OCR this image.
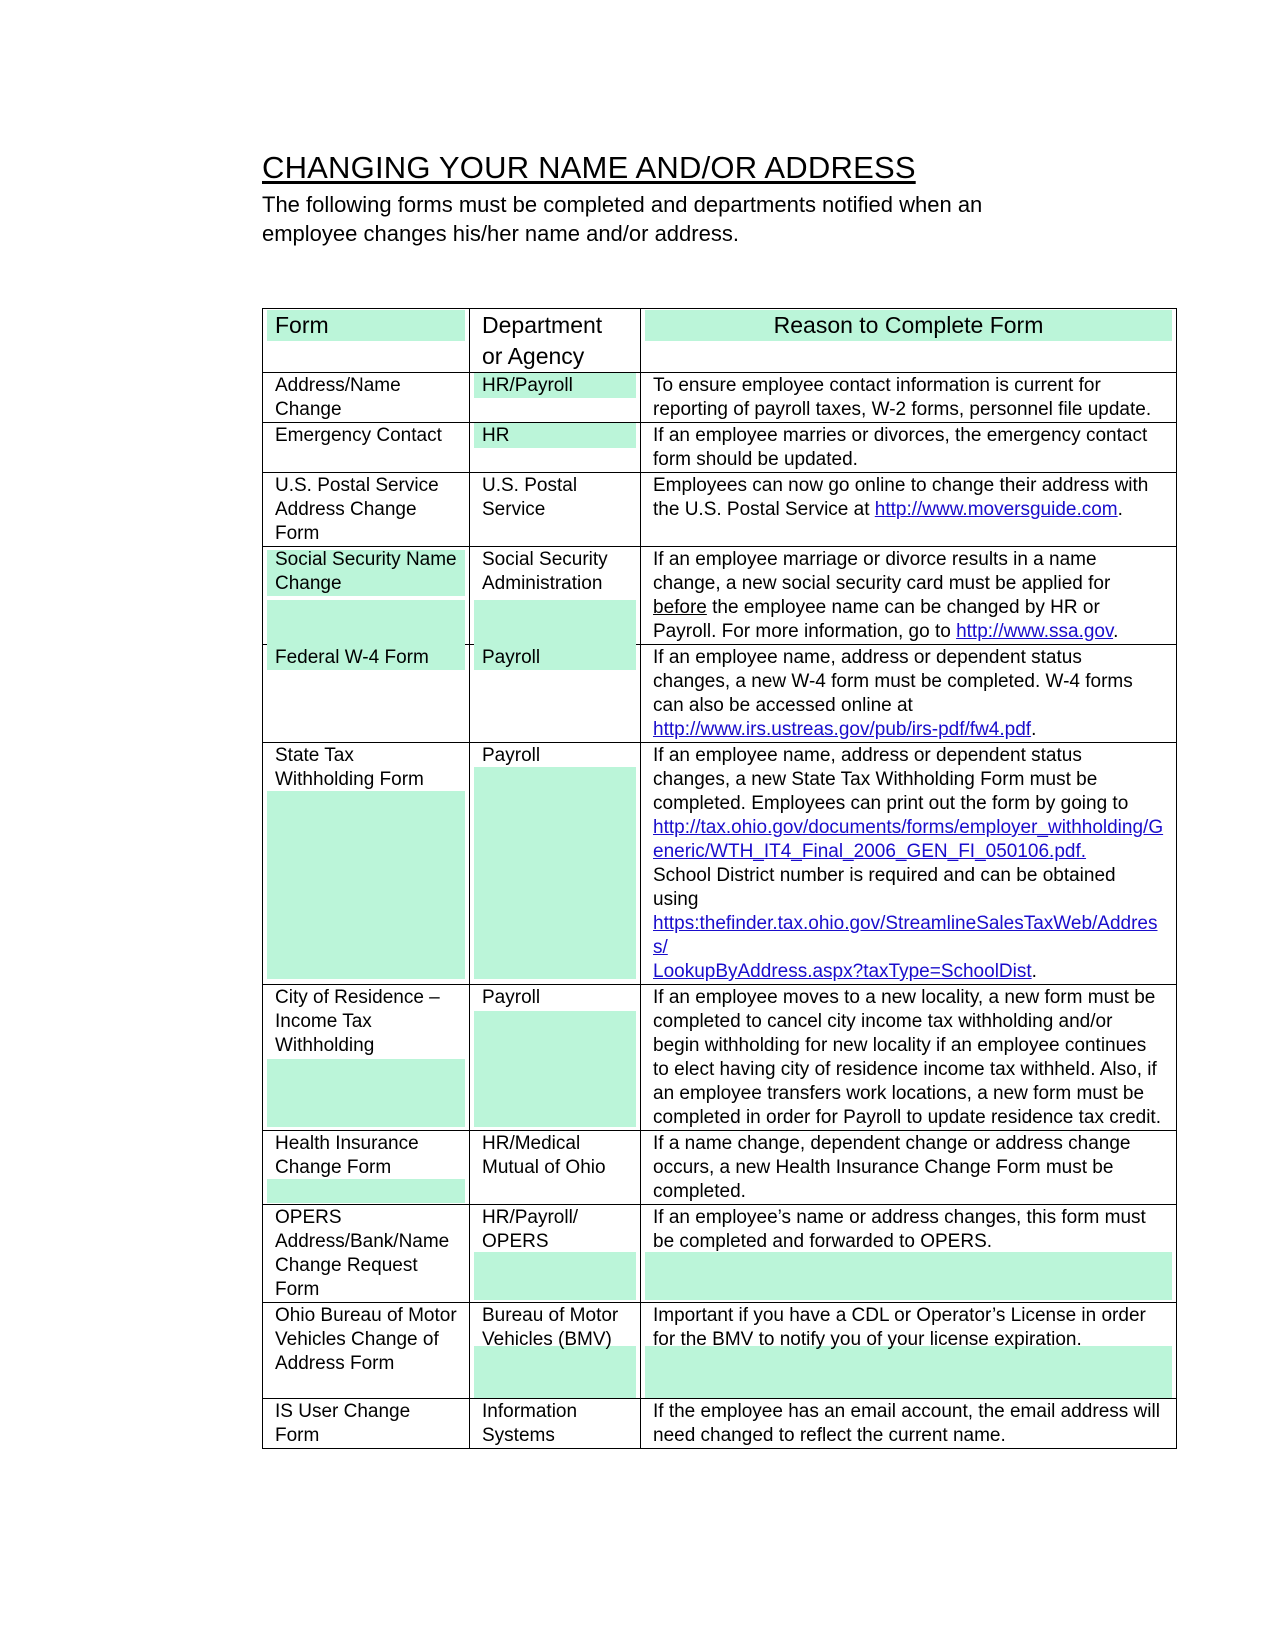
CHANGING YOUR NAME AND/OR ADDRESS
The following forms must be completed and departments notified when an
employee changes his/her name and/or address.
Form	Department or Agency	Reason to Complete Form

Address/Name Change	HR/Payroll	To ensure employee contact information is current for reporting of payroll taxes, W-2 forms, personnel file update.

Emergency Contact	HR	If an employee marries or divorces, the emergency contact form should be updated.

U.S. Postal Service Address Change Form	U.S. Postal Service	Employees can now go online to change their address with the U.S. Postal Service at http://www.moversguide.com.

Social Security Name Change	Social Security Administration	If an employee marriage or divorce results in a name change, a new social security card must be applied for before the employee name can be changed by HR or Payroll. For more information, go to http://www.ssa.gov.

Federal W-4 Form	Payroll	If an employee name, address or dependent status changes, a new W-4 form must be completed. W-4 forms can also be accessed online at http://www.irs.ustreas.gov/pub/irs-pdf/fw4.pdf.

State Tax Withholding Form	Payroll	If an employee name, address or dependent status changes, a new State Tax Withholding Form must be completed. Employees can print out the form by going to
http://tax.ohio.gov/documents/forms/employer_withholding/Generic/WTH_IT4_Final_2006_GEN_FI_050106.pdf.
School District number is required and can be obtained using
https:thefinder.tax.ohio.gov/StreamlineSalesTaxWeb/Address/
LookupByAddress.aspx?taxType=SchoolDist.

City of Residence – Income Tax Withholding	Payroll	If an employee moves to a new locality, a new form must be completed to cancel city income tax withholding and/or begin withholding for new locality if an employee continues to elect having city of residence income tax withheld. Also, if an employee transfers work locations, a new form must be completed in order for Payroll to update residence tax credit.

Health Insurance Change Form	HR/Medical Mutual of Ohio	If a name change, dependent change or address change occurs, a new Health Insurance Change Form must be completed.

OPERS Address/Bank/Name Change Request Form	HR/Payroll/ OPERS	If an employee’s name or address changes, this form must be completed and forwarded to OPERS.

Ohio Bureau of Motor Vehicles Change of Address Form	Bureau of Motor Vehicles (BMV)	Important if you have a CDL or Operator’s License in order for the BMV to notify you of your license expiration.

IS User Change Form	Information Systems	If the employee has an email account, the email address will need changed to reflect the current name.
